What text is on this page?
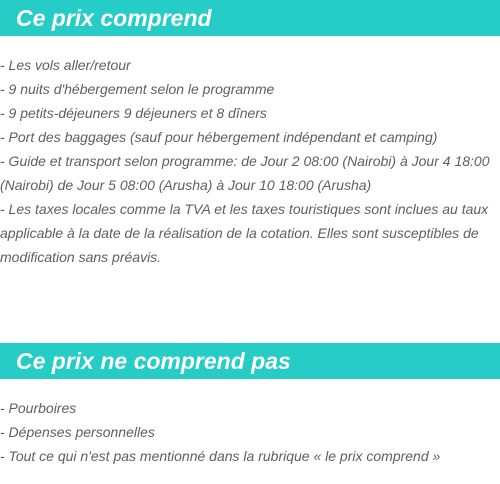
Ce prix comprend
- Les vols aller/retour
- 9 nuits d'hébergement selon le programme
- 9 petits-déjeuners 9 déjeuners et 8 dîners
- Port des baggages (sauf pour hébergement indépendant et camping)
- Guide et transport selon programme: de Jour 2 08:00 (Nairobi) à Jour 4 18:00 (Nairobi) de Jour 5 08:00 (Arusha) à Jour 10 18:00 (Arusha)
- Les taxes locales comme la TVA et les taxes touristiques sont inclues au taux applicable à la date de la réalisation de la cotation. Elles sont susceptibles de modification sans préavis.
Ce prix ne comprend pas
- Pourboires
- Dépenses personnelles
- Tout ce qui n'est pas mentionné dans la rubrique « le prix comprend »
